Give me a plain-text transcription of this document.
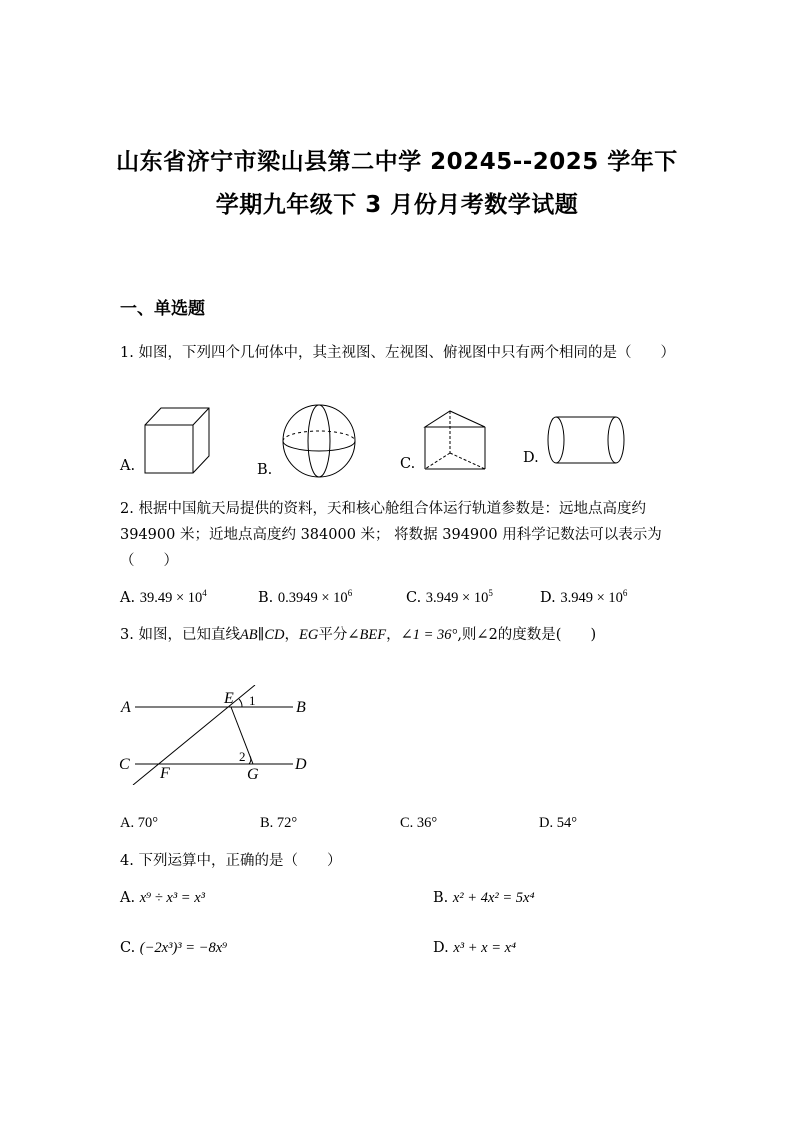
山东省济宁市梁山县第二中学 20245--2025 学年下
学期九年级下 3 月份月考数学试题
一、单选题
1. 如图，下列四个几何体中，其主视图、左视图、俯视图中只有两个相同的是（　　）
A.	B.	C.	D.
2. 根据中国航天局提供的资料，天和核心舱组合体运行轨道参数是：远地点高度约 394900 米；近地点高度约 384000 米； 将数据 394900 用科学记数法可以表示为（　　）
A. $39.49 \times 10^4$	B. $0.3949 \times 10^6$	C. $3.949 \times 10^5$	D. $3.949 \times 10^6$
3. 如图，已知直线AB∥CD，EG平分∠BEF，∠1 = 36°,则∠2的度数是(　　)
A	B
C	D
E
F	G
1
2
A. 70°	B. 72°	C. 36°	D. 54°
4. 下列运算中，正确的是（　　）
A. x⁹ ÷ x³ = x³	B. x² + 4x² = 5x⁴
C. (−2x³)³ = −8x⁹	D. x³ + x = x⁴
